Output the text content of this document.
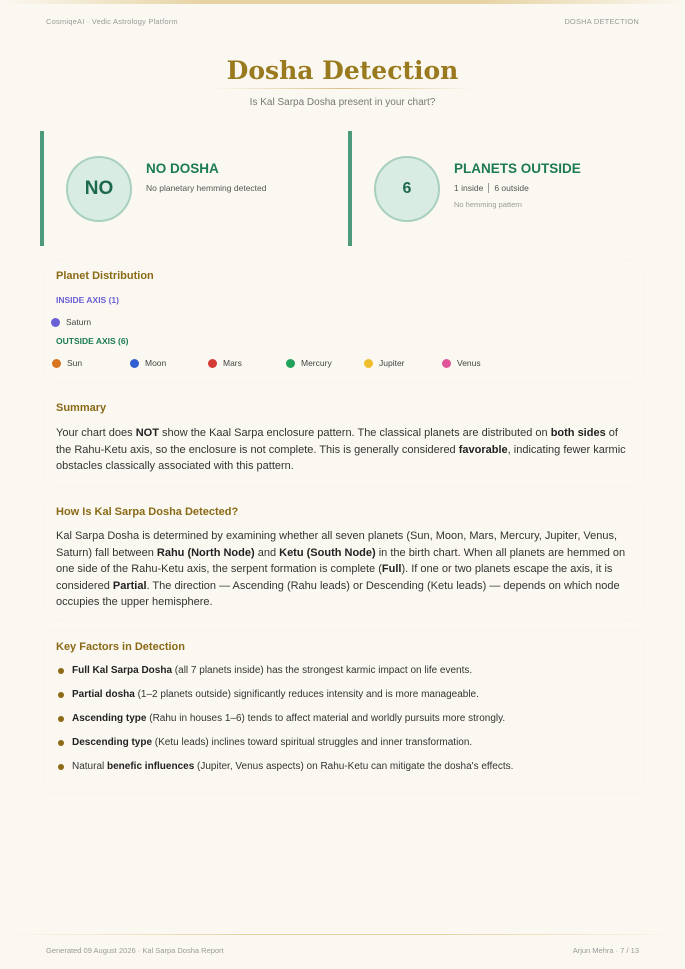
CosmiqeAI · Vedic Astrology Platform	DOSHA DETECTION
Dosha Detection
Is Kal Sarpa Dosha present in your chart?
NO
NO DOSHA
No planetary hemming detected	6
PLANETS OUTSIDE
1 inside 6 outside
No hemming pattern
Planet Distribution
INSIDE AXIS (1)
Saturn
OUTSIDE AXIS (6)
Sun	Moon	Mars	Mercury	Jupiter	Venus
Summary

Your chart does NOT show the Kaal Sarpa enclosure pattern. The classical planets are distributed on both sides of the Rahu-Ketu axis, so the enclosure is not complete. This is generally considered favorable, indicating fewer karmic obstacles classically associated with this pattern.

How Is Kal Sarpa Dosha Detected?

Kal Sarpa Dosha is determined by examining whether all seven planets (Sun, Moon, Mars, Mercury, Jupiter, Venus, Saturn) fall between Rahu (North Node) and Ketu (South Node) in the birth chart. When all planets are hemmed on one side of the Rahu-Ketu axis, the serpent formation is complete (Full). If one or two planets escape the axis, it is considered Partial. The direction — Ascending (Rahu leads) or Descending (Ketu leads) — depends on which node occupies the upper hemisphere.

Key Factors in Detection
Full Kal Sarpa Dosha (all 7 planets inside) has the strongest karmic impact on life events.
Partial dosha (1–2 planets outside) significantly reduces intensity and is more manageable.
Ascending type (Rahu in houses 1–6) tends to affect material and worldly pursuits more strongly.
Descending type (Ketu leads) inclines toward spiritual struggles and inner transformation.
Natural benefic influences (Jupiter, Venus aspects) on Rahu-Ketu can mitigate the dosha's effects.
Generated 09 August 2026 · Kal Sarpa Dosha Report	Arjun Mehra · 7 / 13
